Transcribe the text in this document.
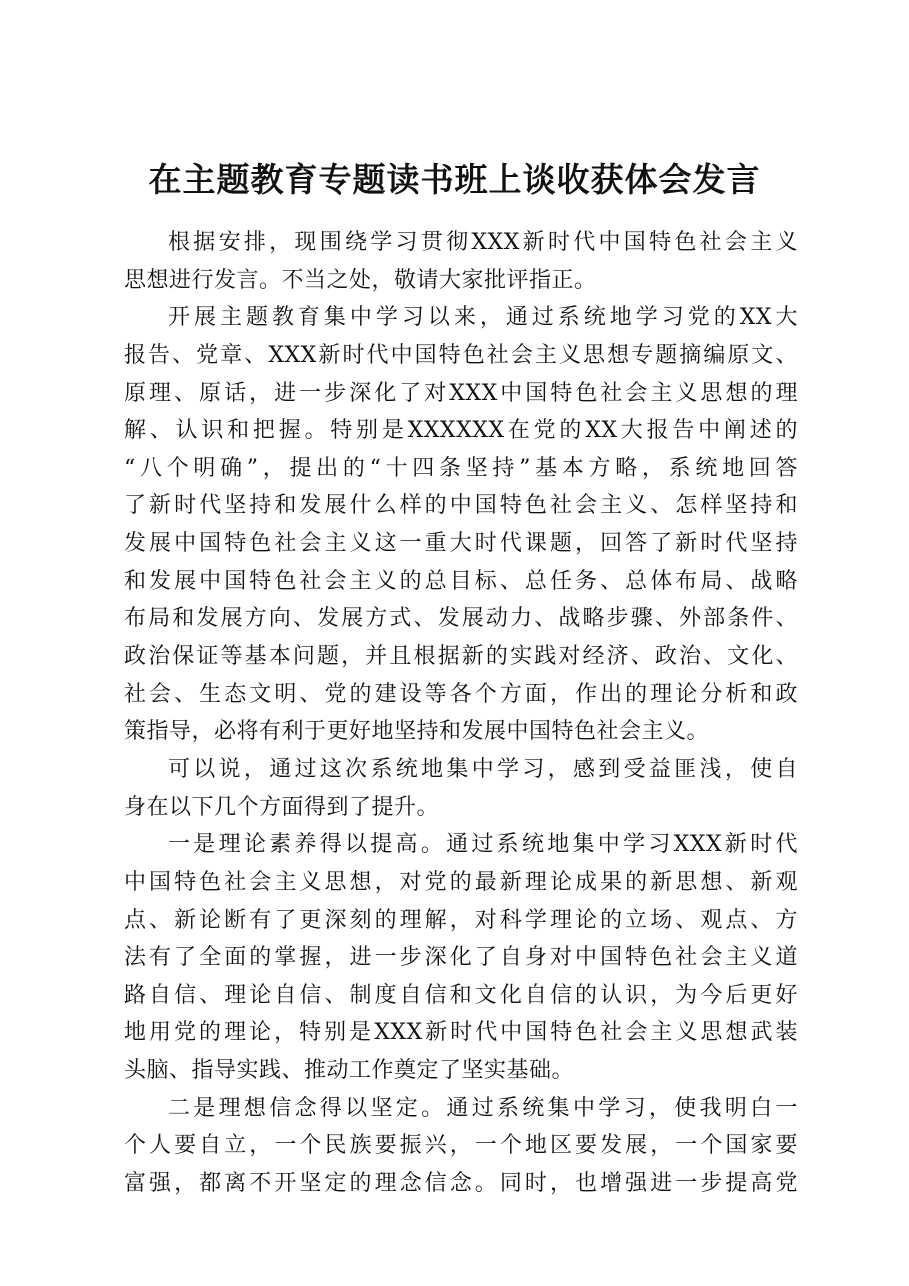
在主题教育专题读书班上谈收获体会发言
根据安排，现围绕学习贯彻XXX新时代中国特色社会主义
思想进行发言。不当之处，敬请大家批评指正。
开展主题教育集中学习以来，通过系统地学习党的XX大
报告、党章、XXX新时代中国特色社会主义思想专题摘编原文、
原理、原话，进一步深化了对XXX中国特色社会主义思想的理
解、认识和把握。特别是XXXXXX在党的XX大报告中阐述的
“八个明确”，提出的“十四条坚持”基本方略，系统地回答
了新时代坚持和发展什么样的中国特色社会主义、怎样坚持和
发展中国特色社会主义这一重大时代课题，回答了新时代坚持
和发展中国特色社会主义的总目标、总任务、总体布局、战略
布局和发展方向、发展方式、发展动力、战略步骤、外部条件、
政治保证等基本问题，并且根据新的实践对经济、政治、文化、
社会、生态文明、党的建设等各个方面，作出的理论分析和政
策指导，必将有利于更好地坚持和发展中国特色社会主义。
可以说，通过这次系统地集中学习，感到受益匪浅，使自
身在以下几个方面得到了提升。
一是理论素养得以提高。通过系统地集中学习XXX新时代
中国特色社会主义思想，对党的最新理论成果的新思想、新观
点、新论断有了更深刻的理解，对科学理论的立场、观点、方
法有了全面的掌握，进一步深化了自身对中国特色社会主义道
路自信、理论自信、制度自信和文化自信的认识，为今后更好
地用党的理论，特别是XXX新时代中国特色社会主义思想武装
头脑、指导实践、推动工作奠定了坚实基础。
二是理想信念得以坚定。通过系统集中学习，使我明白一
个人要自立，一个民族要振兴，一个地区要发展，一个国家要
富强，都离不开坚定的理念信念。同时，也增强进一步提高党
